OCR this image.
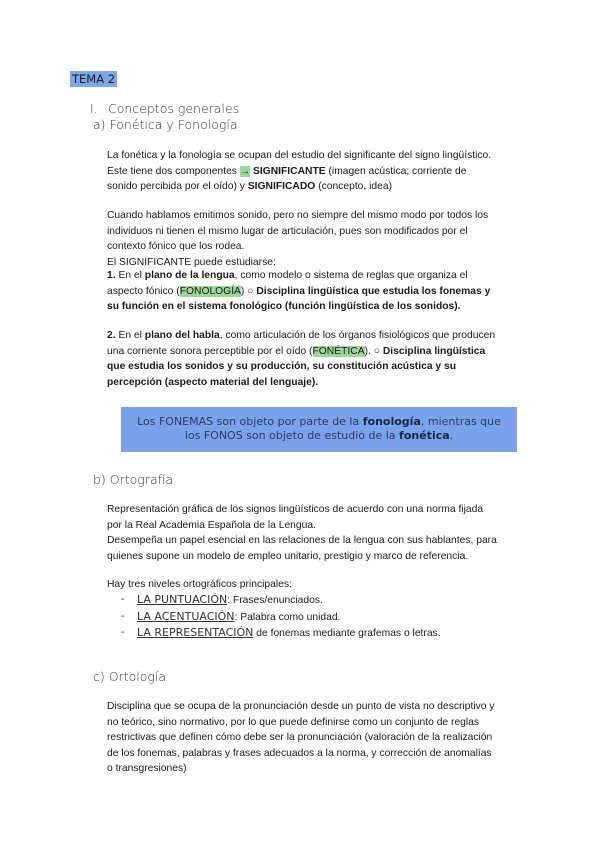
TEMA 2
I. Conceptos generales
a) Fonética y Fonología
La fonética y la fonología se ocupan del estudio del significante del signo lingüístico.
Este tiene dos componentes → SIGNIFICANTE (imagen acústica; corriente de
sonido percibida por el oído) y SIGNIFICADO (concepto, idea)
Cuando hablamos emitimos sonido, pero no siempre del mismo modo por todos los
individuos ni tienen el mismo lugar de articulación, pues son modificados por el
contexto fónico que los rodea.
El SIGNIFICANTE puede estudiarse:
1. En el plano de la lengua, como modelo o sistema de reglas que organiza el
aspecto fónico (FONOLOGÍA) ○ Disciplina lingüística que estudia los fonemas y
su función en el sistema fonológico (función lingüística de los sonidos).
2. En el plano del habla, como articulación de los órganos fisiológicos que producen
una corriente sonora perceptible por el oído (FONÉTICA). ○ Disciplina lingüística
que estudia los sonidos y su producción, su constitución acústica y su
percepción (aspecto material del lenguaje).
Los FONEMAS son objeto por parte de la fonología, mientras que
los FONOS son objeto de estudio de la fonética.
b) Ortografía
Representación gráfica de los signos lingüísticos de acuerdo con una norma fijada
por la Real Academia Española de la Lengua.
Desempeña un papel esencial en las relaciones de la lengua con sus hablantes, para
quienes supone un modelo de empleo unitario, prestigio y marco de referencia.
Hay tres niveles ortográficos principales:
- LA PUNTUACIÓN: Frases/enunciados.
- LA ACENTUACIÓN: Palabra como unidad.
- LA REPRESENTACIÓN de fonemas mediante grafemas o letras.
c) Ortología
Disciplina que se ocupa de la pronunciación desde un punto de vista no descriptivo y
no teórico, sino normativo, por lo que puede definirse como un conjunto de reglas
restrictivas que definen cómo debe ser la pronunciación (valoración de la realización
de los fonemas, palabras y frases adecuados a la norma, y corrección de anomalías
o transgresiones)
